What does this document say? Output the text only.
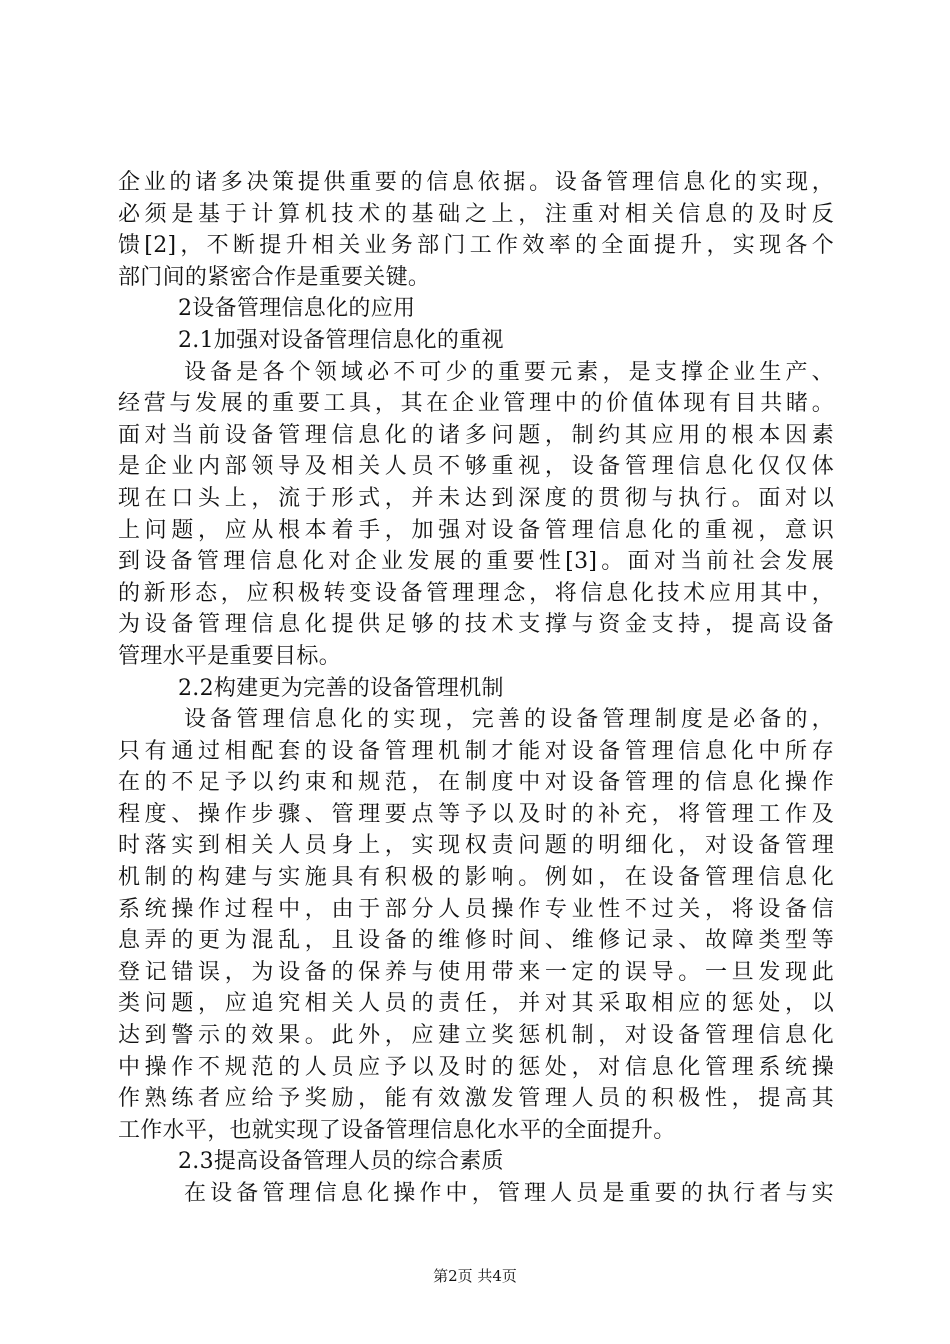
企业的诸多决策提供重要的信息依据。设备管理信息化的实现，
必须是基于计算机技术的基础之上，注重对相关信息的及时反
馈[2]，不断提升相关业务部门工作效率的全面提升，实现各个
部门间的紧密合作是重要关键。
2设备管理信息化的应用
2.1加强对设备管理信息化的重视
设备是各个领域必不可少的重要元素，是支撑企业生产、
经营与发展的重要工具，其在企业管理中的价值体现有目共睹。
面对当前设备管理信息化的诸多问题，制约其应用的根本因素
是企业内部领导及相关人员不够重视，设备管理信息化仅仅体
现在口头上，流于形式，并未达到深度的贯彻与执行。面对以
上问题，应从根本着手，加强对设备管理信息化的重视，意识
到设备管理信息化对企业发展的重要性[3]。面对当前社会发展
的新形态，应积极转变设备管理理念，将信息化技术应用其中，
为设备管理信息化提供足够的技术支撑与资金支持，提高设备
管理水平是重要目标。
2.2构建更为完善的设备管理机制
设备管理信息化的实现，完善的设备管理制度是必备的，
只有通过相配套的设备管理机制才能对设备管理信息化中所存
在的不足予以约束和规范，在制度中对设备管理的信息化操作
程度、操作步骤、管理要点等予以及时的补充，将管理工作及
时落实到相关人员身上，实现权责问题的明细化，对设备管理
机制的构建与实施具有积极的影响。例如，在设备管理信息化
系统操作过程中，由于部分人员操作专业性不过关，将设备信
息弄的更为混乱，且设备的维修时间、维修记录、故障类型等
登记错误，为设备的保养与使用带来一定的误导。一旦发现此
类问题，应追究相关人员的责任，并对其采取相应的惩处，以
达到警示的效果。此外，应建立奖惩机制，对设备管理信息化
中操作不规范的人员应予以及时的惩处，对信息化管理系统操
作熟练者应给予奖励，能有效激发管理人员的积极性，提高其
工作水平，也就实现了设备管理信息化水平的全面提升。
2.3提高设备管理人员的综合素质
在设备管理信息化操作中，管理人员是重要的执行者与实
第2页 共4页
